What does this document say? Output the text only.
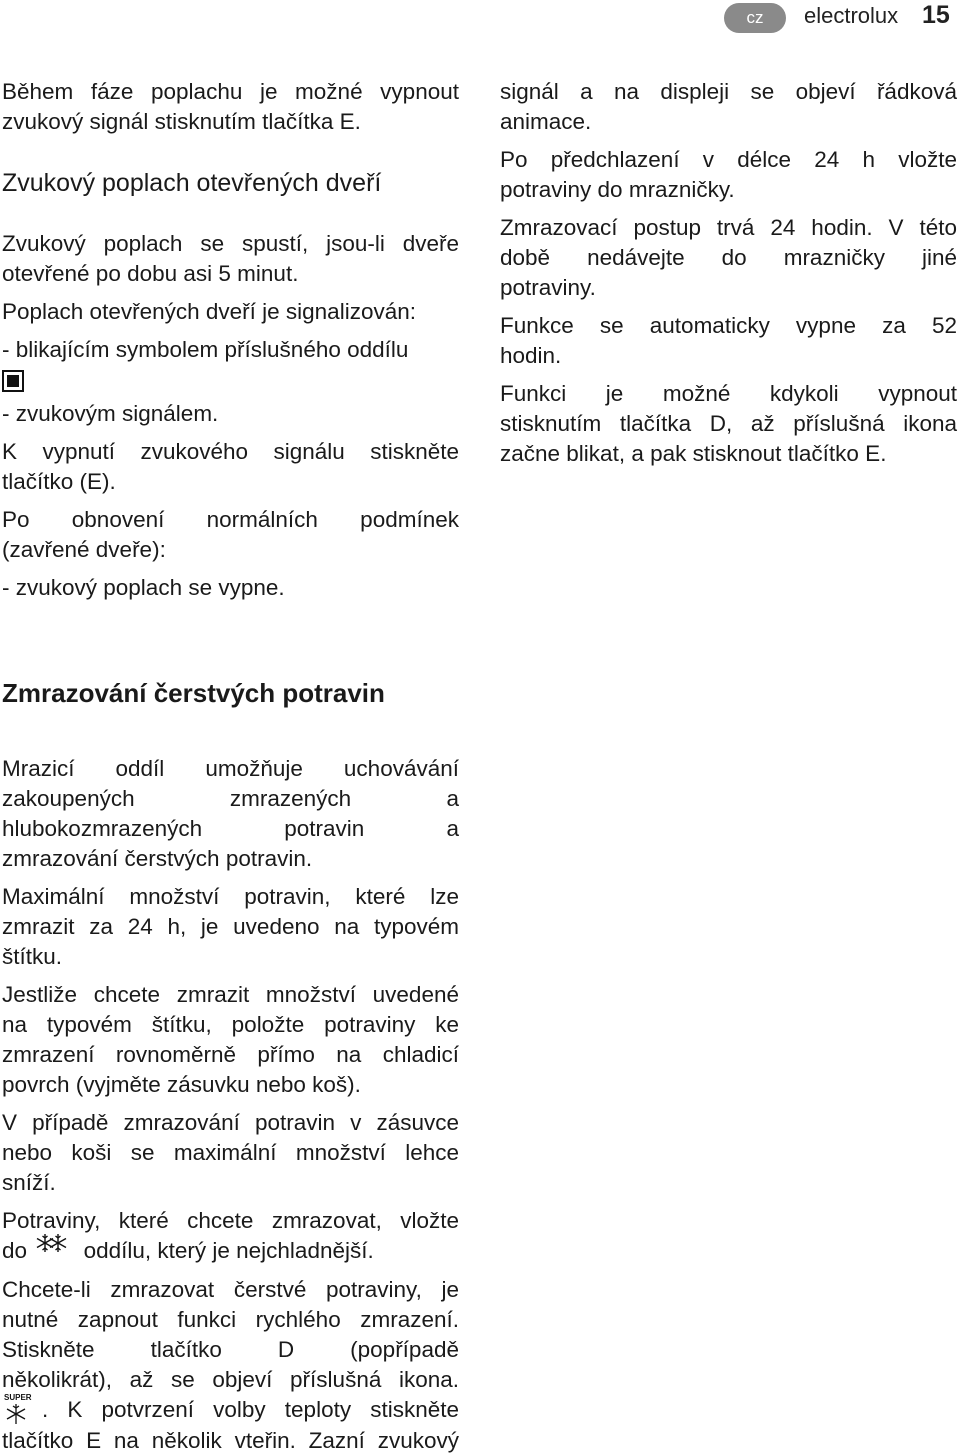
cz	electrolux 15

Během fáze poplachu je možné vypnout

zvukový signál stisknutím tlačítka E.

Zvukový poplach otevřených dveří

Zvukový poplach se spustí, jsou-li dveře

otevřené po dobu asi 5 minut.

Poplach otevřených dveří je signalizován:

- blikajícím symbolem příslušného oddílu

- zvukovým signálem.

K vypnutí zvukového signálu stiskněte

tlačítko (E).

Po obnovení normálních podmínek

(zavřené dveře):

- zvukový poplach se vypne.

signál a na displeji se objeví řádková

animace.

Po předchlazení v délce 24 h vložte

potraviny do mrazničky.

Zmrazovací postup trvá 24 hodin. V této

době nedávejte do mrazničky jiné

potraviny.

Funkce se automaticky vypne za 52

hodin.

Funkci je možné kdykoli vypnout

stisknutím tlačítka D, až příslušná ikona

začne blikat, a pak stisknout tlačítko E.

Zmrazování čerstvých potravin

Mrazicí oddíl umožňuje uchovávání

zakoupených zmrazených a

hlubokozmrazených potravin a

zmrazování čerstvých potravin.

Maximální množství potravin, které lze

zmrazit za 24 h, je uvedeno na typovém

štítku.

Jestliže chcete zmrazit množství uvedené

na typovém štítku, položte potraviny ke

zmrazení rovnoměrně přímo na chladicí

povrch (vyjměte zásuvku nebo koš).

V případě zmrazování potravin v zásuvce

nebo koši se maximální množství lehce

sníží.

Potraviny, které chcete zmrazovat, vložte

do	oddílu, který je nejchladnější.

Chcete-li zmrazovat čerstvé potraviny, je

nutné zapnout funkci rychlého zmrazení.

Stiskněte tlačítko D (popřípadě

několikrát), až se objeví příslušná ikona.

SUPER . K potvrzení volby teploty stiskněte

tlačítko E na několik vteřin. Zazní zvukový
